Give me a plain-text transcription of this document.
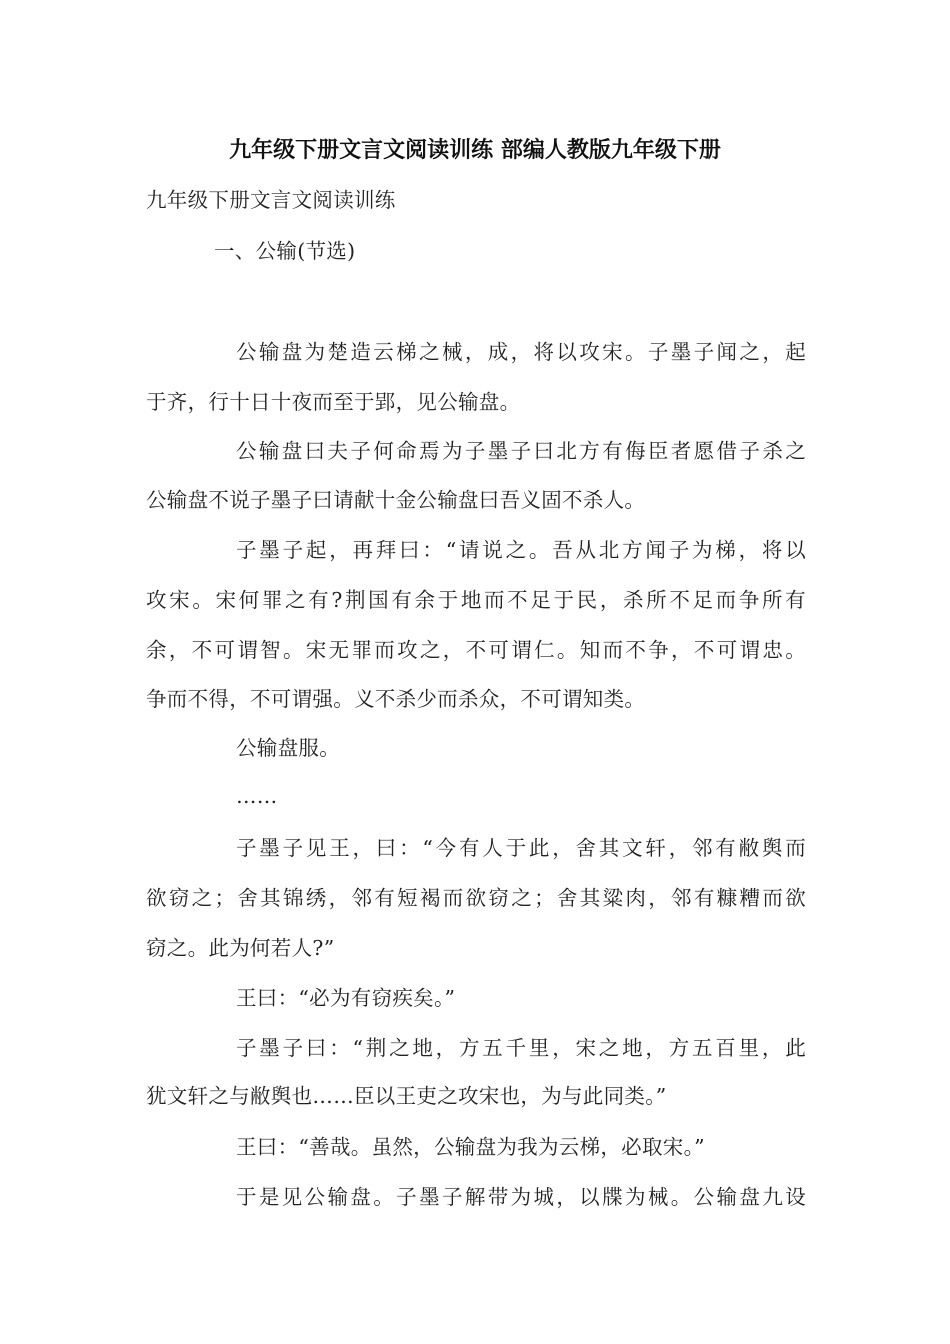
九年级下册文言文阅读训练 部编人教版九年级下册
九年级下册文言文阅读训练
一、公输(节选)
公输盘为楚造云梯之械，成，将以攻宋。子墨子闻之，起
于齐，行十日十夜而至于郢，见公输盘。
公输盘曰夫子何命焉为子墨子曰北方有侮臣者愿借子杀之
公输盘不说子墨子曰请献十金公输盘曰吾义固不杀人。
子墨子起，再拜曰：“请说之。吾从北方闻子为梯，将以
攻宋。宋何罪之有?荆国有余于地而不足于民，杀所不足而争所有
余，不可谓智。宋无罪而攻之，不可谓仁。知而不争，不可谓忠。
争而不得，不可谓强。义不杀少而杀众，不可谓知类。
公输盘服。
……
子墨子见王，曰：“今有人于此，舍其文轩，邻有敝舆而
欲窃之；舍其锦绣，邻有短褐而欲窃之；舍其粱肉，邻有糠糟而欲
窃之。此为何若人?”
王曰：“必为有窃疾矣。”
子墨子曰：“荆之地，方五千里，宋之地，方五百里，此
犹文轩之与敝舆也……臣以王吏之攻宋也，为与此同类。”
王曰：“善哉。虽然，公输盘为我为云梯，必取宋。”
于是见公输盘。子墨子解带为城，以牒为械。公输盘九设
